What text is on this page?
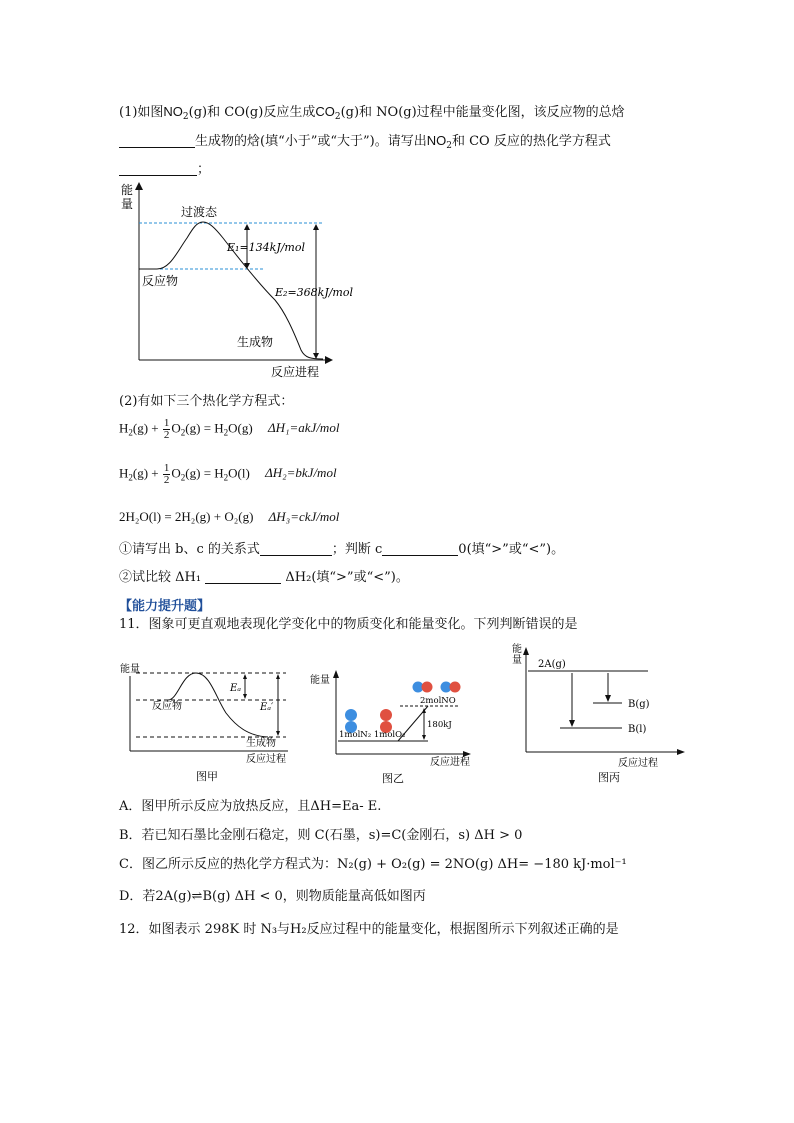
(1)如图$NO_2(g)$和 CO(g)反应生成$CO_2(g)$和 NO(g)过程中能量变化图，该反应物的总焓
生成物的焓(填“小于”或“大于”)。请写出$NO_2$和 CO 反应的热化学方程式
；
能
量
过渡态
反应物
生成物
E₁=134kJ/mol
E₂=368kJ/mol
反应进程
(2)有如下三个热化学方程式：
$H_2(g) + \frac{1}{2} O_2(g) = H_2O(g)$ ΔH₁=akJ/mol
$H_2(g) + \frac{1}{2} O_2(g) = H_2O(l)$ ΔH₂=bkJ/mol
2H₂O(l) = 2H₂(g) + O₂(g) ΔH₃=ckJ/mol
①请写出 b、c 的关系式	；判断 c	0(填“>”或“<”)。
②试比较 ΔH₁	ΔH₂(填“>”或“<”)。
【能力提升题】
11．图象可更直观地表现化学变化中的物质变化和能量变化。下列判断错误的是
能量
反应物
生成物
Eₐ
Eₐ′
反应过程
图甲
能量
1molN₂ 1molO₂
2molNO
180kJ
反应进程
图乙
能
量 2A(g)
B(g)
B(l)
反应过程
图丙
A．图甲所示反应为放热反应，且ΔH=Ea- E.
B．若已知石墨比金刚石稳定，则 C(石墨，s)=C(金刚石，s) ΔH > 0
C．图乙所示反应的热化学方程式为：N₂(g) + O₂(g) = 2NO(g) ΔH= −180 kJ·mol⁻¹
D．若2A(g)⇌B(g) ΔH < 0，则物质能量高低如图丙
12．如图表示 298K 时 N₃与H₂反应过程中的能量变化，根据图所示下列叙述正确的是
